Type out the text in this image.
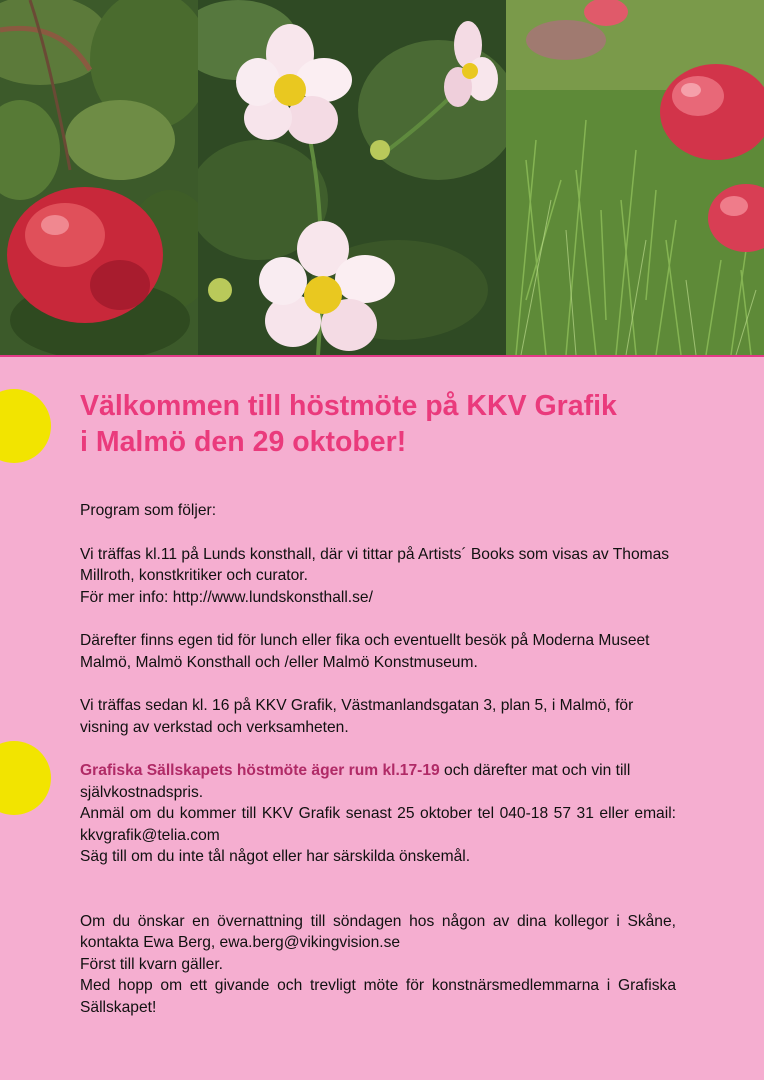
Välkommen till höstmöte på KKV Grafik
i Malmö den 29 oktober!

Program som följer:

Vi träffas kl.11 på Lunds konsthall, där vi tittar på Artists´ Books som visas av Thomas Millroth, konstkritiker och curator.

För mer info: http://www.lundskonsthall.se/

Därefter finns egen tid för lunch eller fika och eventuellt besök på Moderna Museet Malmö, Malmö Konsthall och /eller Malmö Konstmuseum.

Vi träffas sedan kl. 16 på KKV Grafik, Västmanlandsgatan 3, plan 5, i Malmö, för visning av verkstad och verksamheten.

Grafiska Sällskapets höstmöte äger rum kl.17-19 och därefter mat och vin till självkostnadspris.

Anmäl om du kommer till KKV Grafik senast 25 oktober tel 040-18 57 31 eller email: kkvgrafik@telia.com

Säg till om du inte tål något eller har särskilda önskemål.

Om du önskar en övernattning till söndagen hos någon av dina kollegor i Skåne, kontakta Ewa Berg, ewa.berg@vikingvision.se

Först till kvarn gäller.

Med hopp om ett givande och trevligt möte för konstnärsmedlemmarna i Grafiska Sällskapet!
